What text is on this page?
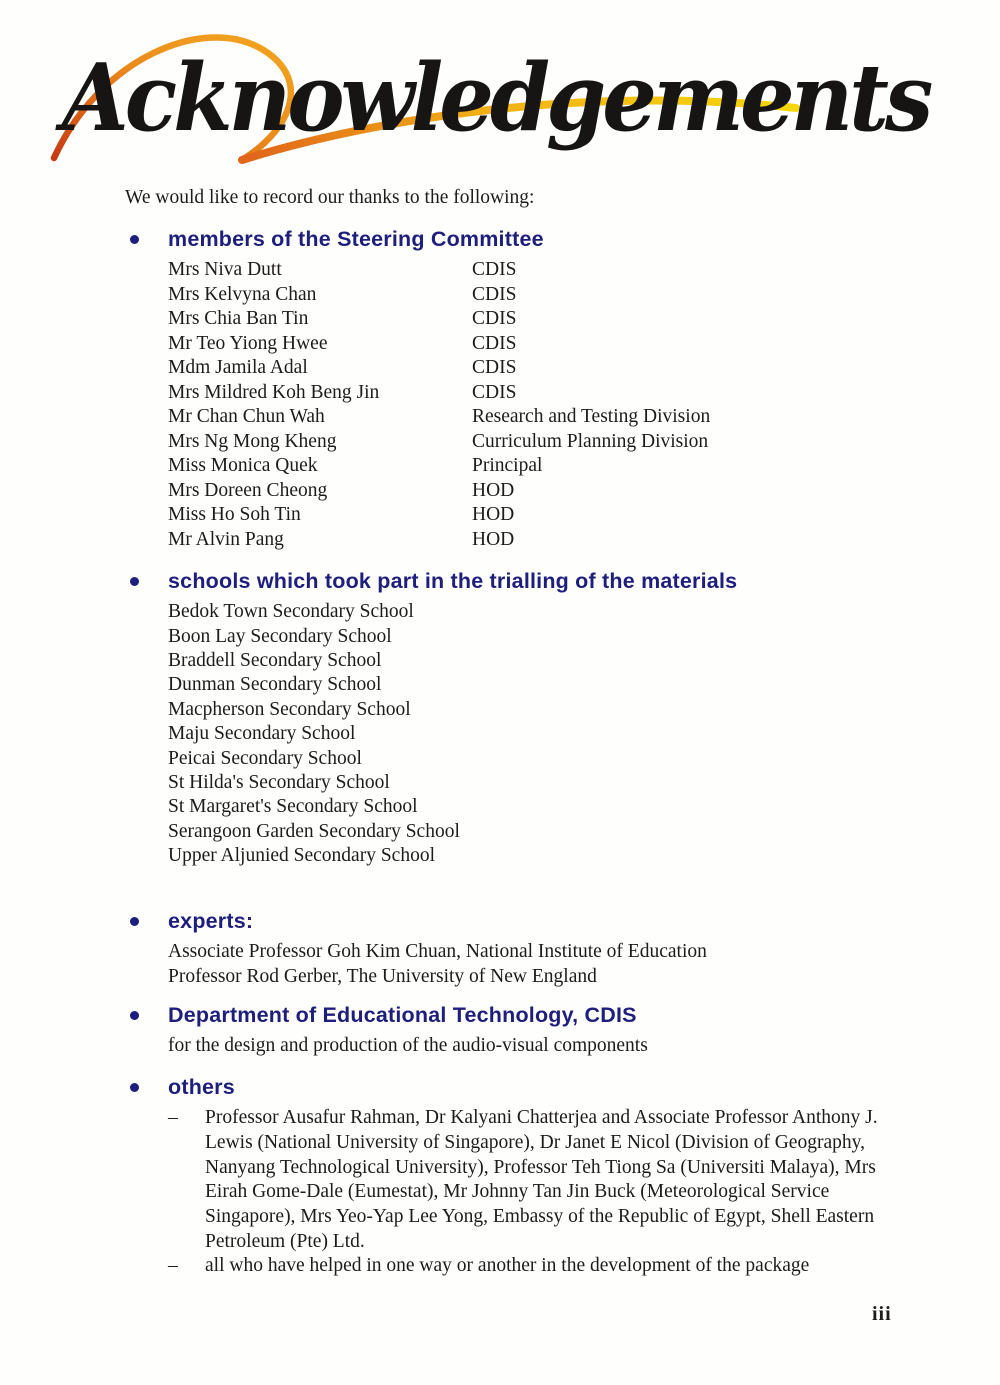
Acknowledgements

We would like to record our thanks to the following:

members of the Steering Committee
Mrs Niva Dutt	CDIS
Mrs Kelvyna Chan	CDIS
Mrs Chia Ban Tin	CDIS
Mr Teo Yiong Hwee	CDIS
Mdm Jamila Adal	CDIS
Mrs Mildred Koh Beng Jin	CDIS
Mr Chan Chun Wah	Research and Testing Division
Mrs Ng Mong Kheng	Curriculum Planning Division
Miss Monica Quek	Principal
Mrs Doreen Cheong	HOD
Miss Ho Soh Tin	HOD
Mr Alvin Pang	HOD
schools which took part in the trialling of the materials
Bedok Town Secondary School
Boon Lay Secondary School
Braddell Secondary School
Dunman Secondary School
Macpherson Secondary School
Maju Secondary School
Peicai Secondary School
St Hilda's Secondary School
St Margaret's Secondary School
Serangoon Garden Secondary School
Upper Aljunied Secondary School
experts:
Associate Professor Goh Kim Chuan, National Institute of Education
Professor Rod Gerber, The University of New England
Department of Educational Technology, CDIS
for the design and production of the audio-visual components
others
–	Professor Ausafur Rahman, Dr Kalyani Chatterjea and Associate Professor Anthony J. Lewis (National University of Singapore), Dr Janet E Nicol (Division of Geography, Nanyang Technological University), Professor Teh Tiong Sa (Universiti Malaya), Mrs Eirah Gome-Dale (Eumestat), Mr Johnny Tan Jin Buck (Meteorological Service Singapore), Mrs Yeo-Yap Lee Yong, Embassy of the Republic of Egypt, Shell Eastern Petroleum (Pte) Ltd.
–	all who have helped in one way or another in the development of the package
iii
